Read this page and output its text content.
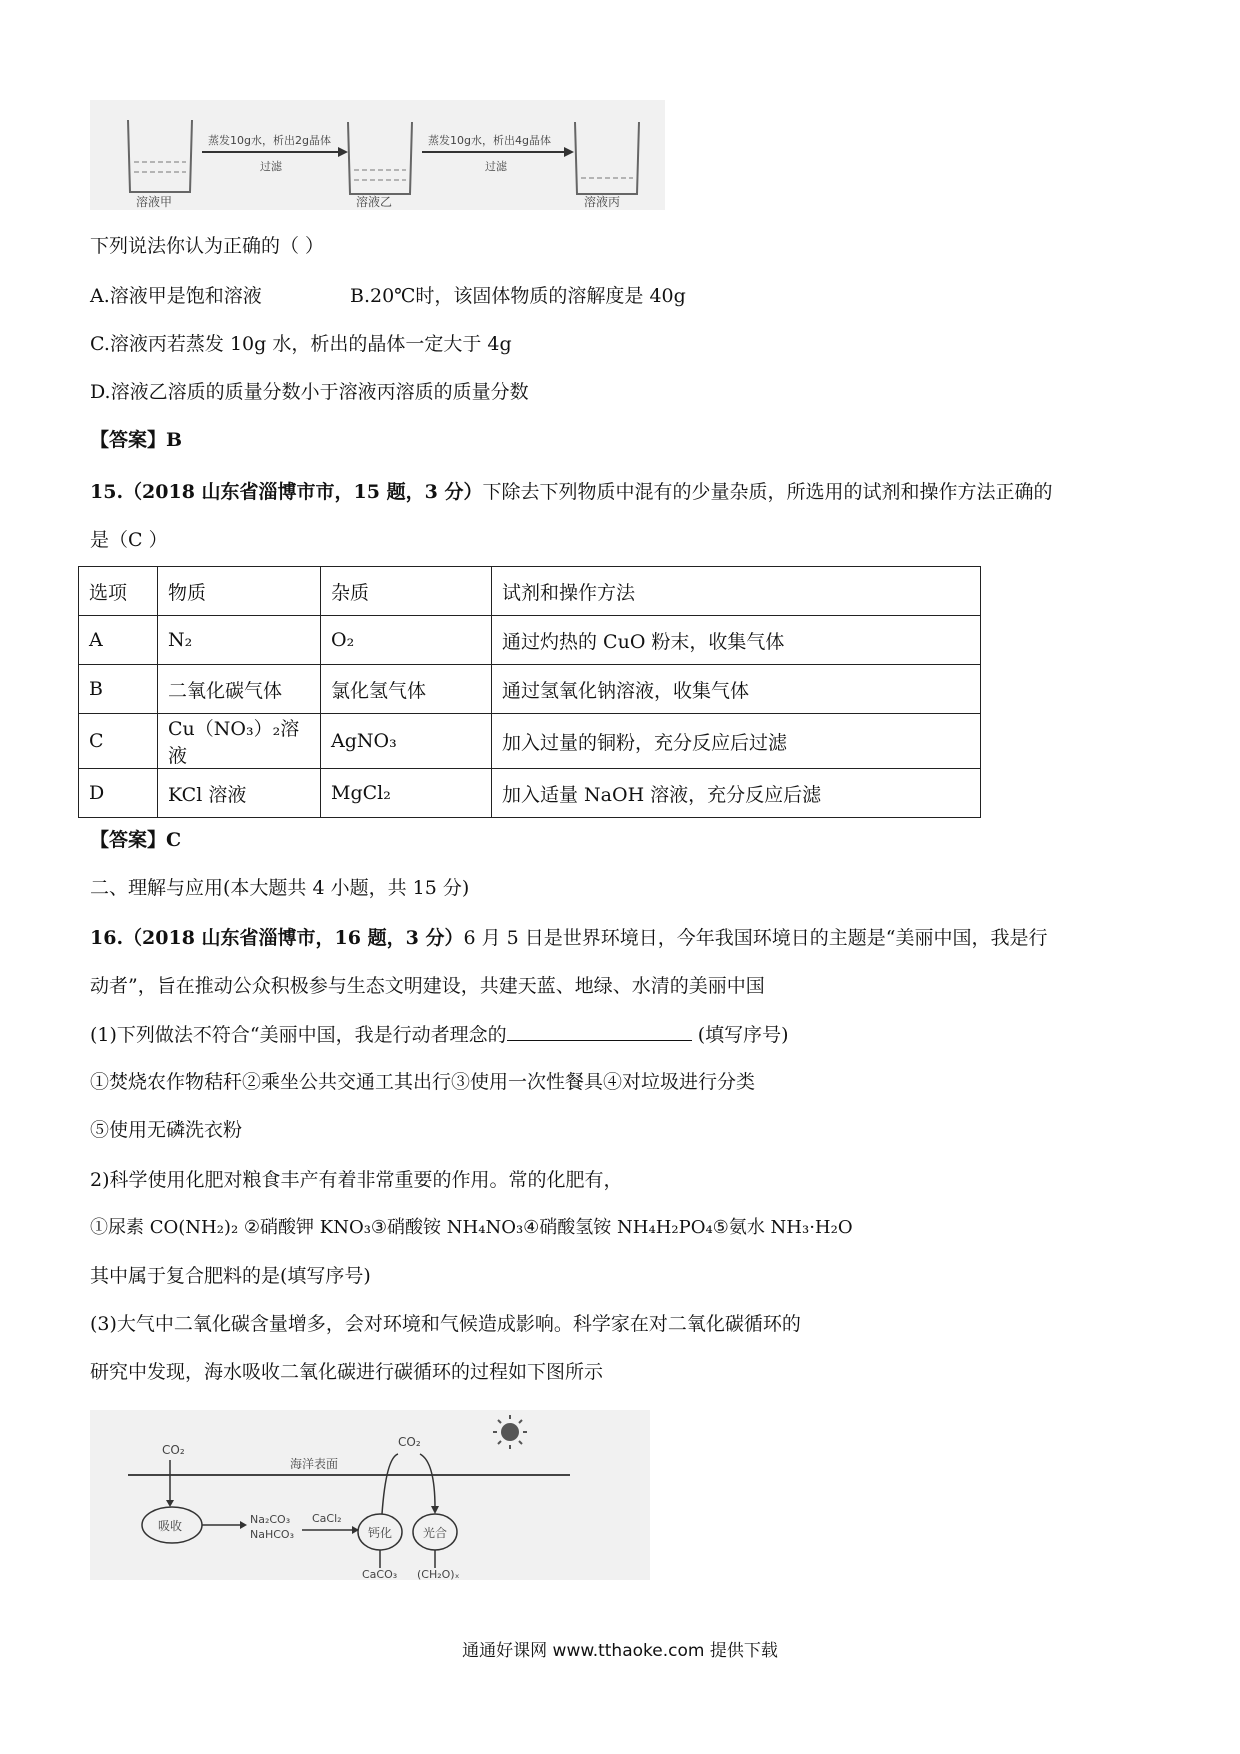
蒸发10g水，析出2g晶体
过滤
蒸发10g水，析出4g晶体
过滤
溶液甲	溶液乙	溶液丙
下列说法你认为正确的（ ）
A.溶液甲是饱和溶液	B.20℃时，该固体物质的溶解度是 40g
C.溶液丙若蒸发 10g 水，析出的晶体一定大于 4g
D.溶液乙溶质的质量分数小于溶液丙溶质的质量分数
【答案】B
15.（2018 山东省淄博市市，15 题，3 分）下除去下列物质中混有的少量杂质，所选用的试剂和操作方法正确的
是（C ）
选项	物质	杂质	试剂和操作方法
A	N₂	O₂	通过灼热的 CuO 粉末，收集气体
B	二氧化碳气体	氯化氢气体	通过氢氧化钠溶液，收集气体
C	Cu（NO₃）₂溶液	AgNO₃	加入过量的铜粉，充分反应后过滤
D	KCl 溶液	MgCl₂	加入适量 NaOH 溶液，充分反应后滤
【答案】C
二、理解与应用(本大题共 4 小题，共 15 分)
16.（2018 山东省淄博市，16 题，3 分）6 月 5 日是世界环境日，今年我国环境日的主题是“美丽中国，我是行
动者”，旨在推动公众积极参与生态文明建设，共建天蓝、地绿、水清的美丽中国
(1)下列做法不符合“美丽中国，我是行动者理念的	(填写序号)
①焚烧农作物秸秆②乘坐公共交通工其出行③使用一次性餐具④对垃圾进行分类
⑤使用无磷洗衣粉
2)科学使用化肥对粮食丰产有着非常重要的作用。常的化肥有，
①尿素 CO(NH₂)₂ ②硝酸钾 KNO₃③硝酸铵 NH₄NO₃④硝酸氢铵 NH₄H₂PO₄⑤氨水 NH₃·H₂O
其中属于复合肥料的是(填写序号)
(3)大气中二氧化碳含量增多，会对环境和气候造成影响。科学家在对二氧化碳循环的
研究中发现，海水吸收二氧化碳进行碳循环的过程如下图所示
海洋表面
CO₂
吸收	Na₂CO₃
NaHCO₃
CaCl₂
钙化	光合
CO₂
CaCO₃ (CH₂O)ₓ
通通好课网 www.tthaoke.com 提供下载
